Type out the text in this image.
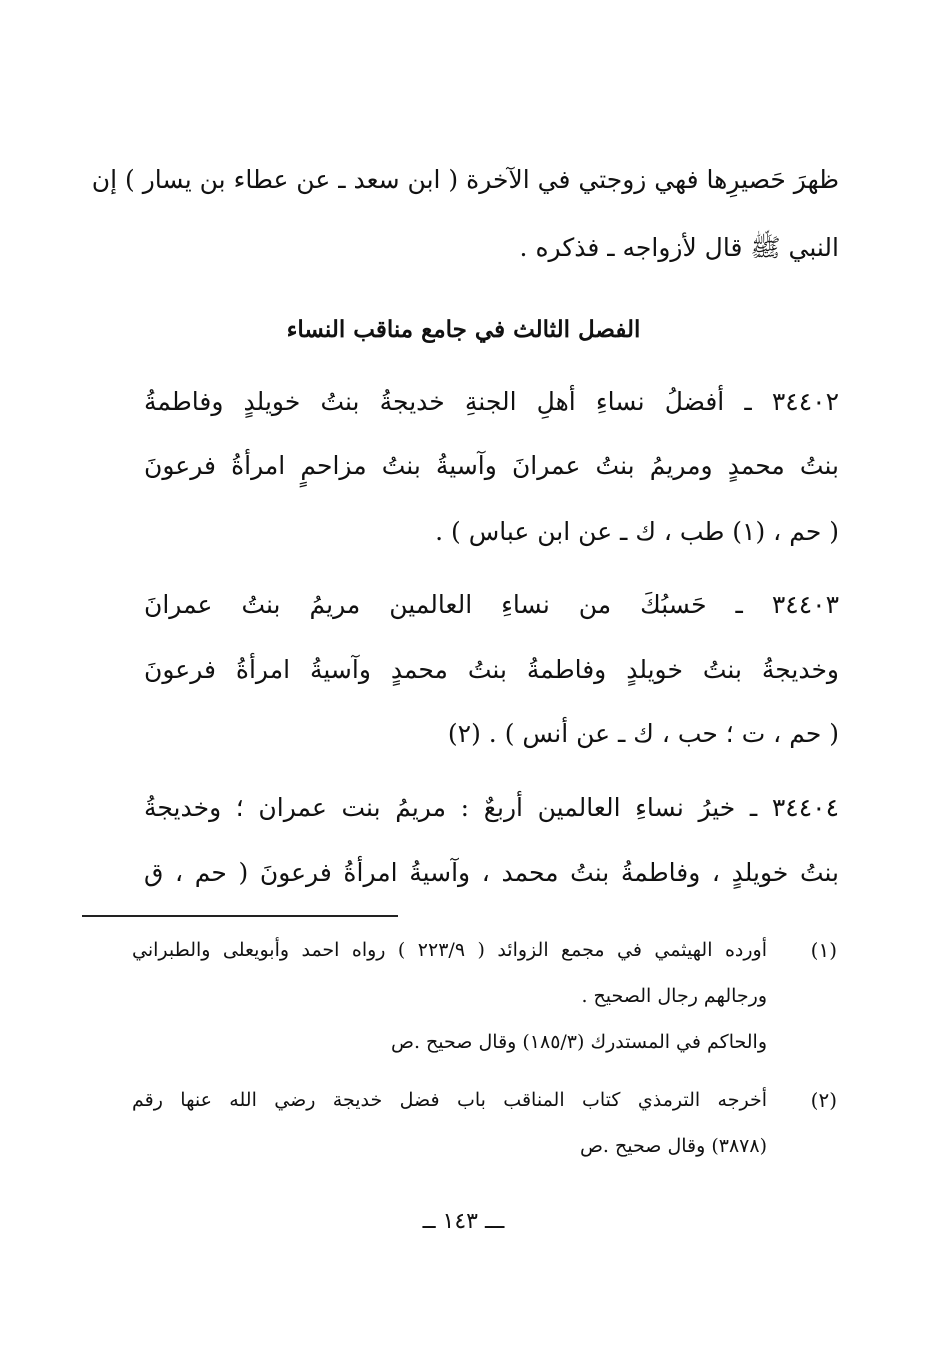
ظهرَ حَصيرِها فهي زوجتي في الآخرة ( ابن سعد ـ عن عطاء بن يسار ) إن
النبي ﷺ قال لأزواجه ـ فذكره .
الفصل الثالث في جامع مناقب النساء
٣٤٤٠٢ ـ أفضلُ نساءِ أهلِ الجنةِ خديجةُ بنتُ خويلدٍ وفاطمةُ
بنتُ محمدٍ ومريمُ بنتُ عمرانَ وآسيةُ بنتُ مزاحمٍ امرأةُ فرعونَ
( حم ، (١) طب ، ك ـ عن ابن عباس ) .
٣٤٤٠٣ ـ حَسبُكَ من نساءِ العالمين مريمُ بنتُ عمرانَ
وخديجةُ بنتُ خويلدٍ وفاطمةُ بنتُ محمدٍ وآسيةُ امرأةُ فرعونَ
( حم ، ت ؛ حب ، ك ـ عن أنس ) . (٢)
٣٤٤٠٤ ـ خيرُ نساءِ العالمين أربعٌ : مريمُ بنت عمران ؛ وخديجةُ
بنتُ خويلدٍ ، وفاطمةُ بنتُ محمد ، وآسيةُ امرأةُ فرعونَ ( حم ، ق
(١)
أورده الهيثمي في مجمع الزوائد ( ٢٢٣/٩ ) رواه احمد وأبويعلى والطبراني
ورجالهم رجال الصحيح .
والحاكم في المستدرك (١٨٥/٣) وقال صحيح .ص
(٢)
أخرجه الترمذي كتاب المناقب باب فضل خديجة رضي الله عنها رقم
(٣٨٧٨) وقال صحيح .ص
ـــ ١٤٣ ــ
